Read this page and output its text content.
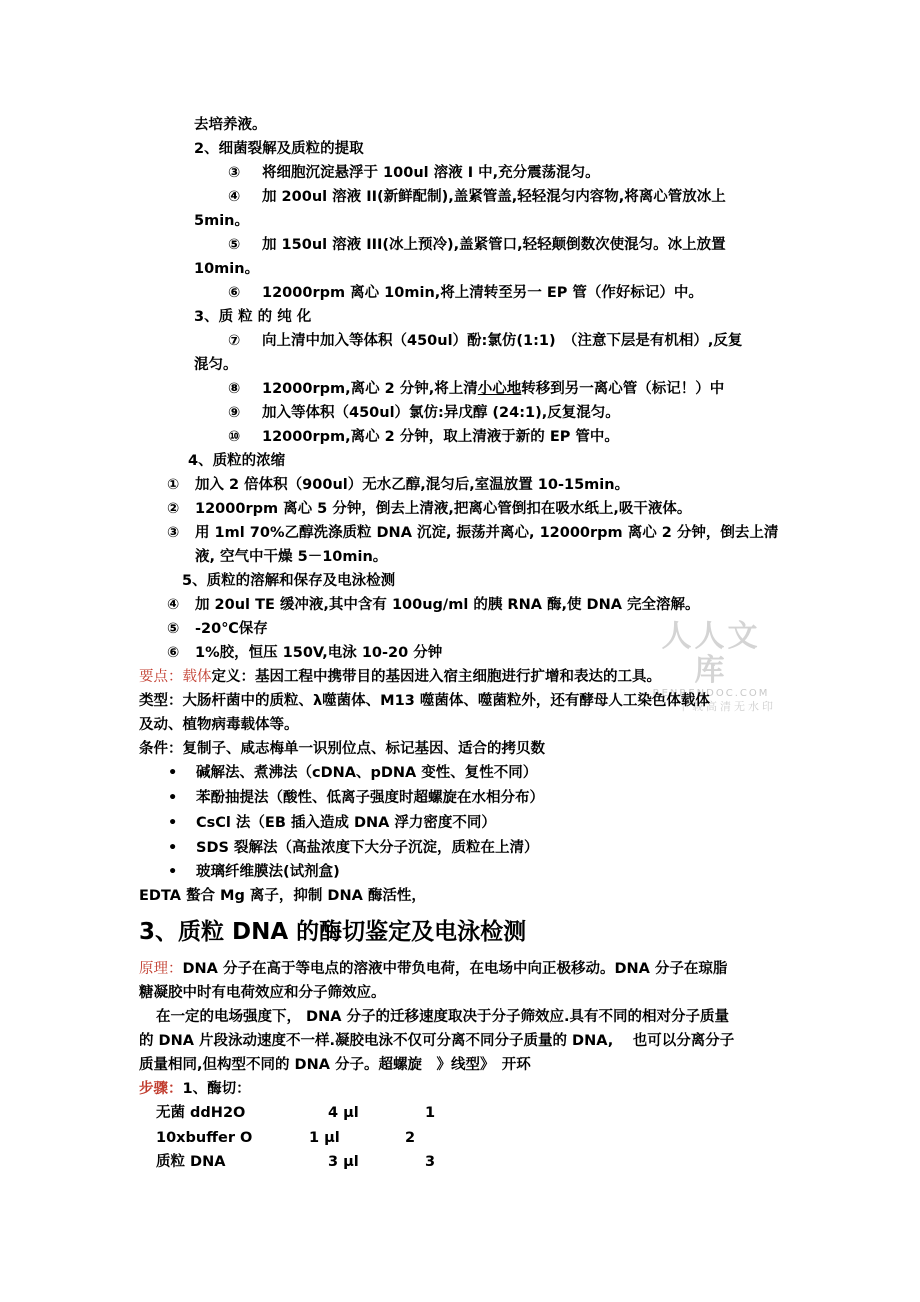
去培养液。
2、细菌裂解及质粒的提取
③ 将细胞沉淀悬浮于 100ul 溶液 I 中,充分震荡混匀。
④ 加 200ul 溶液 II(新鲜配制),盖紧管盖,轻轻混匀内容物,将离心管放冰上
5min。
⑤ 加 150ul 溶液 III(冰上预冷),盖紧管口,轻轻颠倒数次使混匀。冰上放置
10min。
⑥ 12000rpm 离心 10min,将上清转至另一 EP 管（作好标记）中。
3、质 粒 的 纯 化
⑦ 向上清中加入等体积（450ul）酚:氯仿(1:1)　（注意下层是有机相）,反复
混匀。
⑧ 12000rpm,离心 2 分钟,将上清小心地转移到另一离心管（标记！）中
⑨ 加入等体积（450ul）氯仿:异戊醇 (24:1),反复混匀。
⑩ 12000rpm,离心 2 分钟，取上清液于新的 EP 管中。
4、质粒的浓缩
① 加入 2 倍体积（900ul）无水乙醇,混匀后,室温放置 10-15min。
② 12000rpm 离心 5 分钟，倒去上清液,把离心管倒扣在吸水纸上,吸干液体。
③ 用 1ml 70%乙醇洗涤质粒 DNA 沉淀, 振荡并离心, 12000rpm 离心 2 分钟，倒去上清
液, 空气中干燥 5－10min。
5、质粒的溶解和保存及电泳检测
④ 加 20ul TE 缓冲液,其中含有 100ug/ml 的胰 RNA 酶,使 DNA 完全溶解。
⑤ -20℃保存
⑥ 1%胶，恒压 150V,电泳 10-20 分钟	人人文库
RENRENDOC.COM
下载高清无水印
要点：载体定义：基因工程中携带目的基因进入宿主细胞进行扩增和表达的工具。
类型：大肠杆菌中的质粒、λ噬菌体、M13 噬菌体、噬菌粒外，还有酵母人工染色体载体
及动、植物病毒载体等。
条件：复制子、咸志梅单一识别位点、标记基因、适合的拷贝数
• 碱解法、煮沸法（cDNA、pDNA 变性、复性不同）
• 苯酚抽提法（酸性、低离子强度时超螺旋在水相分布）
• CsCl 法（EB 插入造成 DNA 浮力密度不同）
• SDS 裂解法（高盐浓度下大分子沉淀，质粒在上清）
• 玻璃纤维膜法(试剂盒)
EDTA 螯合 Mg 离子，抑制 DNA 酶活性，
3、质粒 DNA 的酶切鉴定及电泳检测
原理：DNA 分子在高于等电点的溶液中带负电荷，在电场中向正极移动。DNA 分子在琼脂
糖凝胶中时有电荷效应和分子筛效应。
在一定的电场强度下， DNA 分子的迁移速度取决于分子筛效应.具有不同的相对分子质量
的 DNA 片段泳动速度不一样.凝胶电泳不仅可分离不同分子质量的 DNA,　 也可以分离分子
质量相同,但构型不同的 DNA 分子。超螺旋　》线型》　开环
步骤：1、酶切：
无菌 ddH2O	4 μl	1
10xbuffer O	1 μl	2
质粒 DNA	3 μl	3
